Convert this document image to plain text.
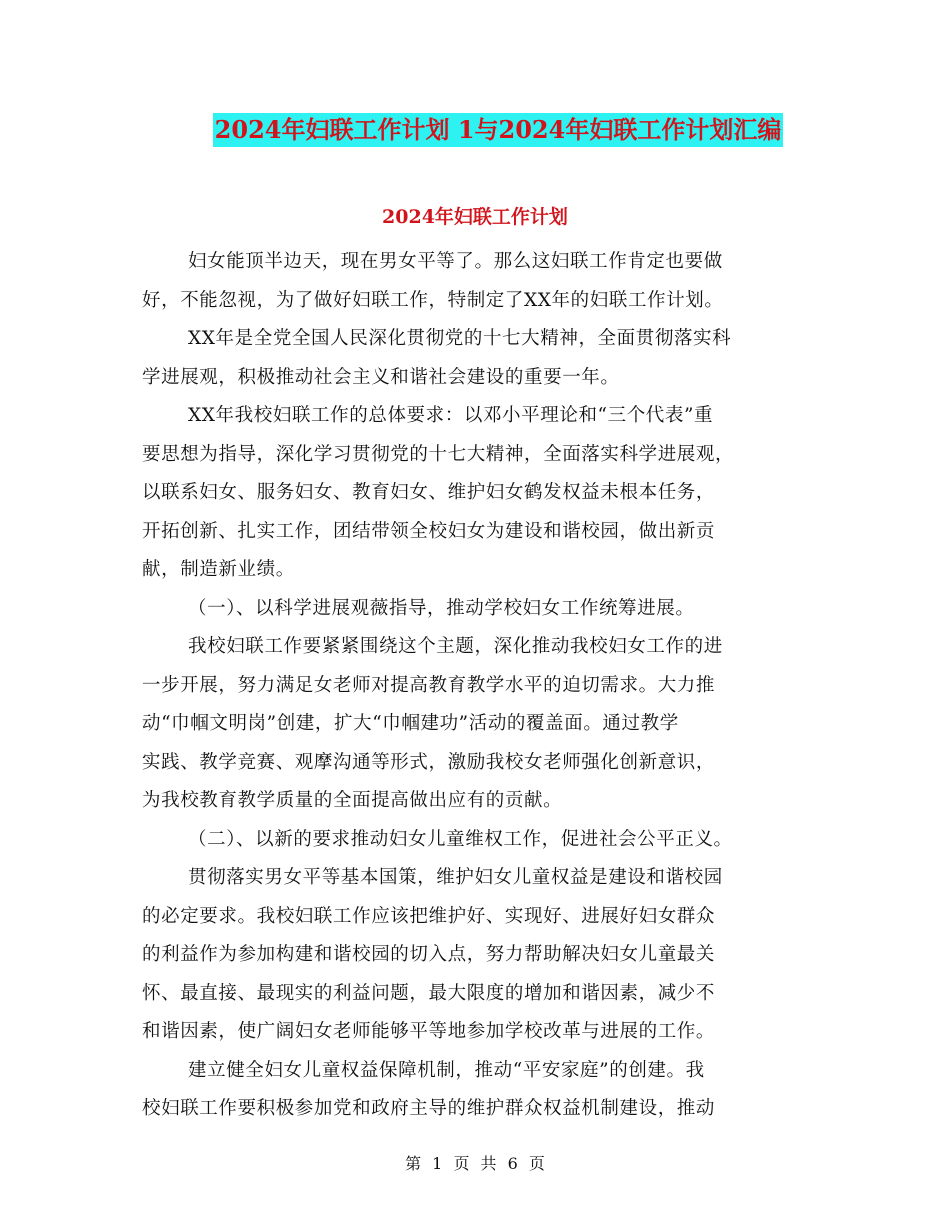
2024年妇联工作计划 1与2024年妇联工作计划汇编
2024年妇联工作计划
妇女能顶半边天，现在男女平等了。那么这妇联工作肯定也要做
好，不能忽视，为了做好妇联工作，特制定了XX年的妇联工作计划。
XX年是全党全国人民深化贯彻党的十七大精神，全面贯彻落实科
学进展观，积极推动社会主义和谐社会建设的重要一年。
XX年我校妇联工作的总体要求：以邓小平理论和“三个代表”重
要思想为指导，深化学习贯彻党的十七大精神，全面落实科学进展观，
以联系妇女、服务妇女、教育妇女、维护妇女鹤发权益未根本任务，
开拓创新、扎实工作，团结带领全校妇女为建设和谐校园，做出新贡
献，制造新业绩。
（一）、以科学进展观薇指导，推动学校妇女工作统筹进展。
我校妇联工作要紧紧围绕这个主题，深化推动我校妇女工作的进
一步开展，努力满足女老师对提高教育教学水平的迫切需求。大力推
动“巾帼文明岗”创建，扩大“巾帼建功”活动的覆盖面。通过教学
实践、教学竞赛、观摩沟通等形式，激励我校女老师强化创新意识，
为我校教育教学质量的全面提高做出应有的贡献。
（二）、以新的要求推动妇女儿童维权工作，促进社会公平正义。
贯彻落实男女平等基本国策，维护妇女儿童权益是建设和谐校园
的必定要求。我校妇联工作应该把维护好、实现好、进展好妇女群众
的利益作为参加构建和谐校园的切入点，努力帮助解决妇女儿童最关
怀、最直接、最现实的利益问题，最大限度的增加和谐因素，减少不
和谐因素，使广阔妇女老师能够平等地参加学校改革与进展的工作。
建立健全妇女儿童权益保障机制，推动“平安家庭”的创建。我
校妇联工作要积极参加党和政府主导的维护群众权益机制建设，推动
第 1 页 共 6 页
